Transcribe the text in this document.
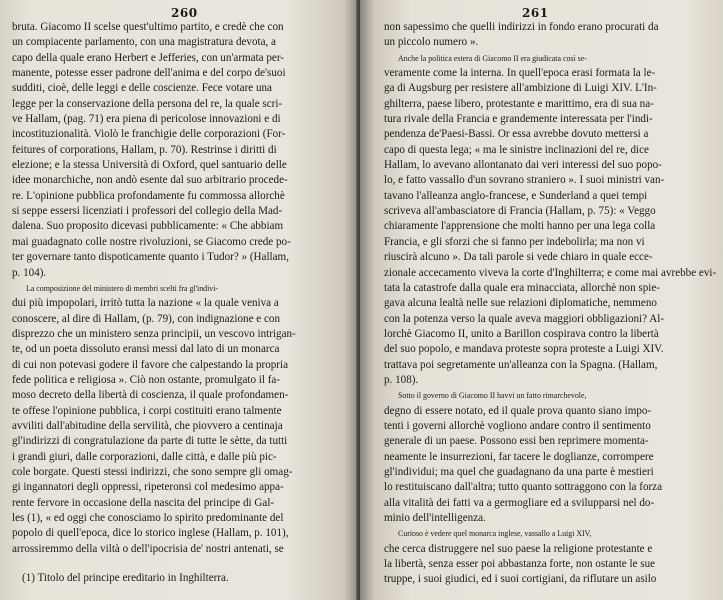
260
bruta. Giacomo II scelse quest'ultimo partito, e credè che con
un compiacente parlamento, con una magistratura devota, a
capo della quale erano Herbert e Jefferies, con un'armata per-
manente, potesse esser padrone dell'anima e del corpo de'suoi
sudditi, cioè, delle leggi e delle coscienze. Fece votare una
legge per la conservazione della persona del re, la quale scri-
ve Hallam, (pag. 71) era piena di pericolose innovazioni e di
incostituzionalità. Violò le franchigie delle corporazioni (For-
feitures of corporations, Hallam, p. 70). Restrinse i diritti di
elezione; e la stessa Università di Oxford, quel santuario delle
idee monarchiche, non andò esente dal suo arbitrario procede-
re. L'opinione pubblica profondamente fu commossa allorchè
si seppe essersi licenziati i professori del collegio della Mad-
dalena. Suo proposito dicevasi pubblicamente: « Che abbiam
mai guadagnato colle nostre rivoluzioni, se Giacomo crede po-
ter governare tanto dispoticamente quanto i Tudor? » (Hallam,
p. 104).
La composizione del ministero di membri scelti fra gl'indivi-
dui più impopolari, irritò tutta la nazione « la quale veniva a
conoscere, al dire di Hallam, (p. 79), con indignazione e con
disprezzo che un ministero senza principii, un vescovo intrigan-
te, od un poeta dissoluto eransi messi dal lato di un monarca
di cui non potevasi godere il favore che calpestando la propria
fede politica e religiosa ». Ciò non ostante, promulgato il fa-
moso decreto della libertà di coscienza, il quale profondamen-
te offese l'opinione pubblica, i corpi costituiti erano talmente
avviliti dall'abitudine della servilità, che piovvero a centinaja
gl'indirizzi di congratulazione da parte di tutte le sètte, da tutti
i grandi giuri, dalle corporazioni, dalle città, e dalle più pic-
cole borgate. Questi stessi indirizzi, che sono sempre gli omag-
gi ingannatori degli oppressi, ripeteronsi col medesimo appa-
rente fervore in occasione della nascita del principe di Gal-
les (1), « ed oggi che conosciamo lo spirito predominante del
popolo di quell'epoca, dice lo storico inglese (Hallam, p. 101),
arrossiremmo della viltà o dell'ipocrisia de' nostri antenati, se
(1) Titolo del principe ereditario in Inghilterra.
261
non sapessimo che quelli indirizzi in fondo erano procurati da
un piccolo numero ».
Anche la politica estera di Giacomo II era giudicata così se-
veramente come la interna. In quell'epoca erasi formata la le-
ga di Augsburg per resistere all'ambizione di Luigi XIV. L'In-
ghilterra, paese libero, protestante e marittimo, era di sua na-
tura rivale della Francia e grandemente interessata per l'indi-
pendenza de'Paesi-Bassi. Or essa avrebbe dovuto mettersi a
capo di questa lega; « ma le sinistre inclinazioni del re, dice
Hallam, lo avevano allontanato dai veri interessi del suo popo-
lo, e fatto vassallo d'un sovrano straniero ». I suoi ministri van-
tavano l'alleanza anglo-francese, e Sunderland a quei tempi
scriveva all'ambasciatore di Francia (Hallam, p. 75): « Veggo
chiaramente l'apprensione che molti hanno per una lega colla
Francia, e gli sforzi che si fanno per indebolirla; ma non vi
riuscirà alcuno ». Da tali parole si vede chiaro in quale ecce-
zionale accecamento viveva la corte d'Inghilterra; e come mai avrebbe evi-
tata la catastrofe dalla quale era minacciata, allorchè non spie-
gava alcuna lealtà nelle sue relazioni diplomatiche, nemmeno
con la potenza verso la quale aveva maggiori obbligazioni? Al-
lorchè Giacomo II, unito a Barillon cospirava contro la libertà
del suo popolo, e mandava proteste sopra proteste a Luigi XIV.
trattava poi segretamente un'alleanza con la Spagna. (Hallam,
p. 108).
Sotto il governo di Giacomo II havvi un fatto rimarchevole,
degno di essere notato, ed il quale prova quanto siano impo-
tenti i governi allorchè vogliono andare contro il sentimento
generale di un paese. Possono essi ben reprimere momenta-
neamente le insurrezioni, far tacere le doglianze, corrompere
gl'individui; ma quel che guadagnano da una parte è mestieri
lo restituiscano dall'altra; tutto quanto sottraggono con la forza
alla vitalità dei fatti va a germogliare ed a svilupparsi nel do-
minio dell'intelligenza.
Curioso è vedere quel monarca inglese, vassallo a Luigi XIV,
che cerca distruggere nel suo paese la religione protestante e
la libertà, senza esser poi abbastanza forte, non ostante le sue
truppe, i suoi giudici, ed i suoi cortigiani, da riflutare un asilo
